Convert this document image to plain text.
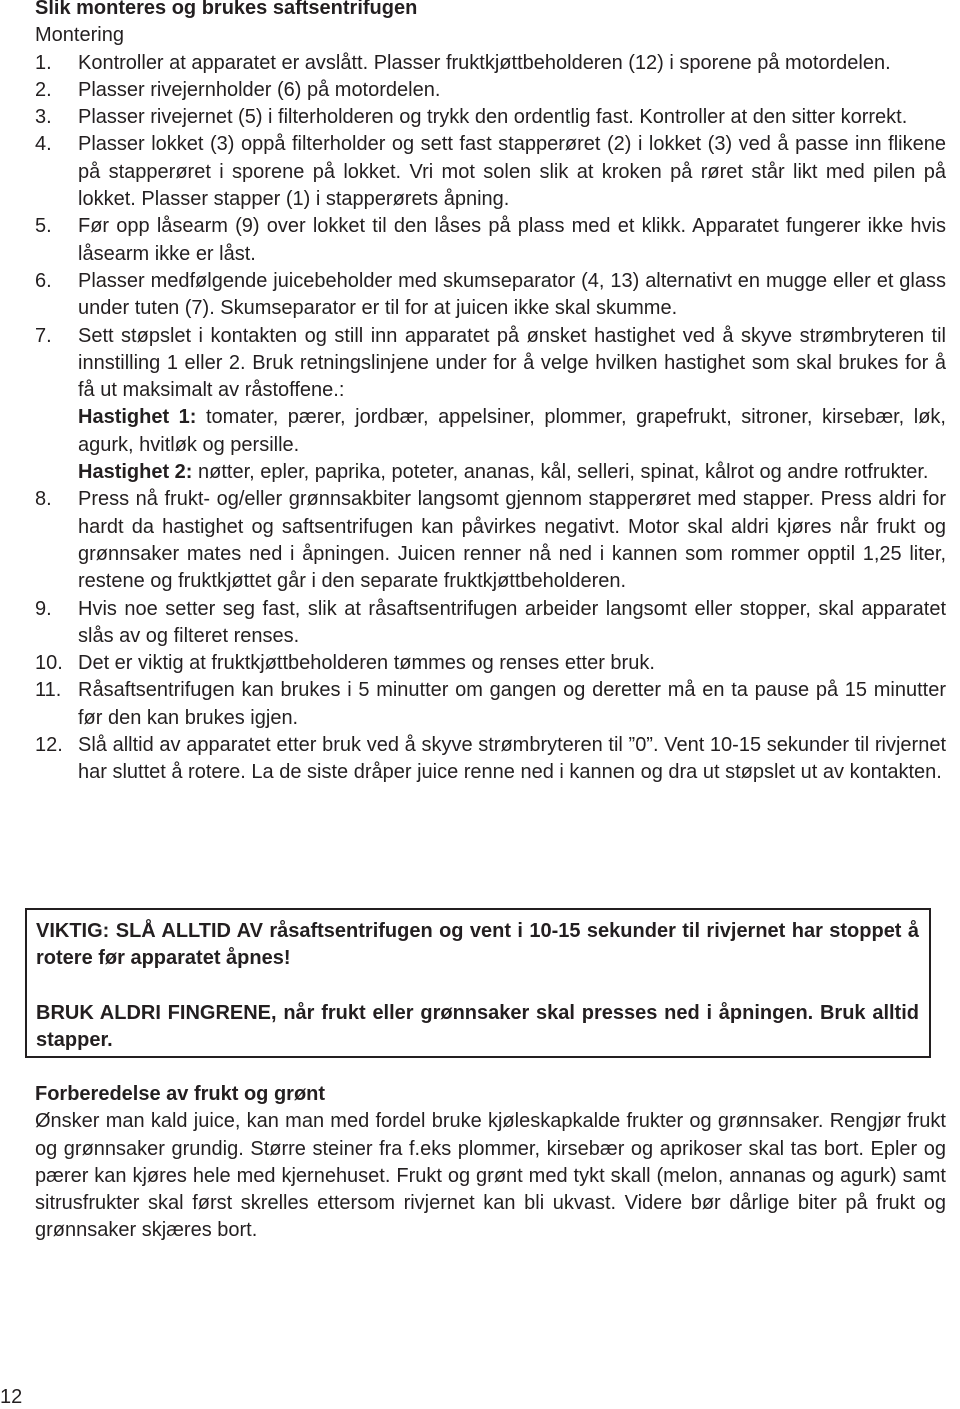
Slik monteres og brukes saftsentrifugen

Montering

1. Kontroller at apparatet er avslått. Plasser fruktkjøttbeholderen (12) i sporene på motordelen.
2. Plasser rivejernholder (6) på motordelen.
3. Plasser rivejernet (5) i filterholderen og trykk den ordentlig fast. Kontroller at den sitter korrekt.
4. Plasser lokket (3) oppå filterholder og sett fast stapperøret (2) i lokket (3) ved å passe inn flikene på stapperøret i sporene på lokket. Vri mot solen slik at kroken på røret står likt med pilen på lokket. Plasser stapper (1) i stapperørets åpning.
5. Før opp låsearm (9) over lokket til den låses på plass med et klikk. Apparatet fungerer ikke hvis låsearm ikke er låst.
6. Plasser medfølgende juicebeholder med skumseparator (4, 13) alternativt en mugge eller et glass under tuten (7). Skumseparator er til for at juicen ikke skal skumme.
7. Sett støpslet i kontakten og still inn apparatet på ønsket hastighet ved å skyve strømbryteren til innstilling 1 eller 2. Bruk retningslinjene under for å velge hvilken hastighet som skal brukes for å få ut maksimalt av råstoffene.:
Hastighet 1: tomater, pærer, jordbær, appelsiner, plommer, grapefrukt, sitroner, kirsebær, løk, agurk, hvitløk og persille.
Hastighet 2: nøtter, epler, paprika, poteter, ananas, kål, selleri, spinat, kålrot og andre rotfrukter.
8. Press nå frukt- og/eller grønnsakbiter langsomt gjennom stapperøret med stapper. Press aldri for hardt da hastighet og saftsentrifugen kan påvirkes negativt. Motor skal aldri kjøres når frukt og grønnsaker mates ned i åpningen. Juicen renner nå ned i kannen som rommer opptil 1,25 liter, restene og fruktkjøttet går i den separate fruktkjøttbeholderen.
9. Hvis noe setter seg fast, slik at råsaftsentrifugen arbeider langsomt eller stopper, skal apparatet slås av og filteret renses.
10. Det er viktig at fruktkjøttbeholderen tømmes og renses etter bruk.
11. Råsaftsentrifugen kan brukes i 5 minutter om gangen og deretter må en ta pause på 15 minutter før den kan brukes igjen.
12. Slå alltid av apparatet etter bruk ved å skyve strømbryteren til ”0”. Vent 10-15 sekunder til rivjernet har sluttet å rotere. La de siste dråper juice renne ned i kannen og dra ut støpslet ut av kontakten.

VIKTIG: SLÅ ALLTID AV råsaftsentrifugen og vent i 10-15 sekunder til rivjernet har stoppet å rotere før apparatet åpnes!

BRUK ALDRI FINGRENE, når frukt eller grønnsaker skal presses ned i åpningen. Bruk alltid stapper.

Forberedelse av frukt og grønt

Ønsker man kald juice, kan man med fordel bruke kjøleskapkalde frukter og grønnsaker. Rengjør frukt og grønnsaker grundig. Større steiner fra f.eks plommer, kirsebær og aprikoser skal tas bort. Epler og pærer kan kjøres hele med kjernehuset. Frukt og grønt med tykt skall (melon, annanas og agurk) samt sitrusfrukter skal først skrelles ettersom rivjernet kan bli ukvast. Videre bør dårlige biter på frukt og grønnsaker skjæres bort.

12
